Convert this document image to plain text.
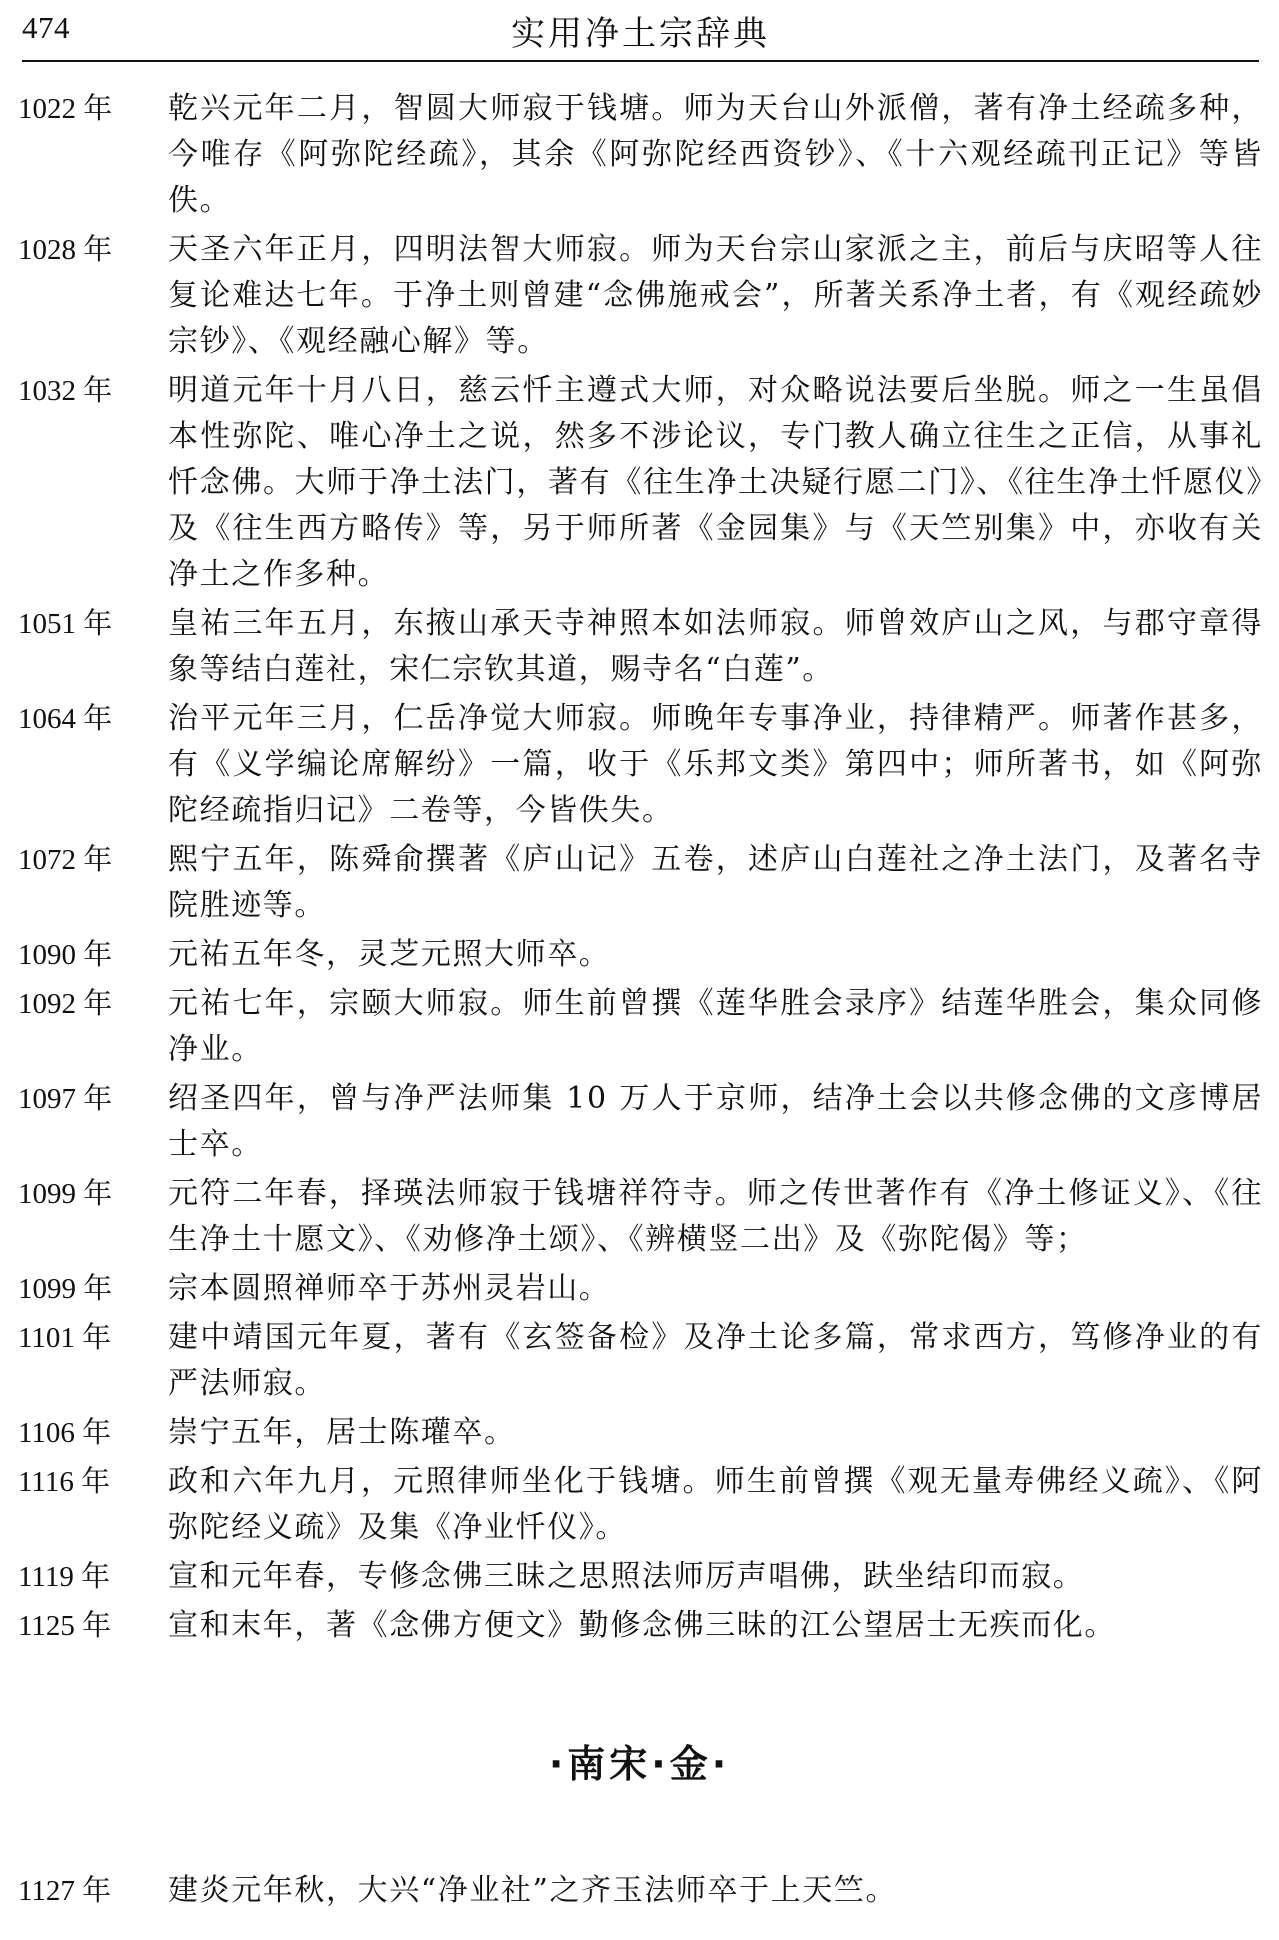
474	实用净土宗辞典
1022 年	乾兴元年二月，智圆大师寂于钱塘。师为天台山外派僧，著有净土经疏多种，今唯存《阿弥陀经疏》，其余《阿弥陀经西资钞》、《十六观经疏刊正记》等皆佚。
1028 年	天圣六年正月，四明法智大师寂。师为天台宗山家派之主，前后与庆昭等人往复论难达七年。于净土则曾建“念佛施戒会”，所著关系净土者，有《观经疏妙宗钞》、《观经融心解》等。
1032 年	明道元年十月八日，慈云忏主遵式大师，对众略说法要后坐脱。师之一生虽倡本性弥陀、唯心净土之说，然多不涉论议，专门教人确立往生之正信，从事礼忏念佛。大师于净土法门，著有《往生净土决疑行愿二门》、《往生净土忏愿仪》及《往生西方略传》等，另于师所著《金园集》与《天竺别集》中，亦收有关净土之作多种。
1051 年	皇祐三年五月，东掖山承天寺神照本如法师寂。师曾效庐山之风，与郡守章得象等结白莲社，宋仁宗钦其道，赐寺名“白莲”。
1064 年	治平元年三月，仁岳净觉大师寂。师晚年专事净业，持律精严。师著作甚多，有《义学编论席解纷》一篇，收于《乐邦文类》第四中；师所著书，如《阿弥陀经疏指归记》二卷等，今皆佚失。
1072 年	熙宁五年，陈舜俞撰著《庐山记》五卷，述庐山白莲社之净土法门，及著名寺院胜迹等。
1090 年	元祐五年冬，灵芝元照大师卒。
1092 年	元祐七年，宗颐大师寂。师生前曾撰《莲华胜会录序》结莲华胜会，集众同修净业。
1097 年	绍圣四年，曾与净严法师集 10 万人于京师，结净土会以共修念佛的文彦博居士卒。
1099 年	元符二年春，择瑛法师寂于钱塘祥符寺。师之传世著作有《净土修证义》、《往生净土十愿文》、《劝修净土颂》、《辨横竖二出》及《弥陀偈》等；
1099 年	宗本圆照禅师卒于苏州灵岩山。
1101 年	建中靖国元年夏，著有《玄签备检》及净土论多篇，常求西方，笃修净业的有严法师寂。
1106 年	崇宁五年，居士陈瓘卒。
1116 年	政和六年九月，元照律师坐化于钱塘。师生前曾撰《观无量寿佛经义疏》、《阿弥陀经义疏》及集《净业忏仪》。
1119 年	宣和元年春，专修念佛三昧之思照法师厉声唱佛，趺坐结印而寂。
1125 年	宣和末年，著《念佛方便文》勤修念佛三昧的江公望居士无疾而化。
·南宋·金·
1127 年	建炎元年秋，大兴“净业社”之齐玉法师卒于上天竺。
